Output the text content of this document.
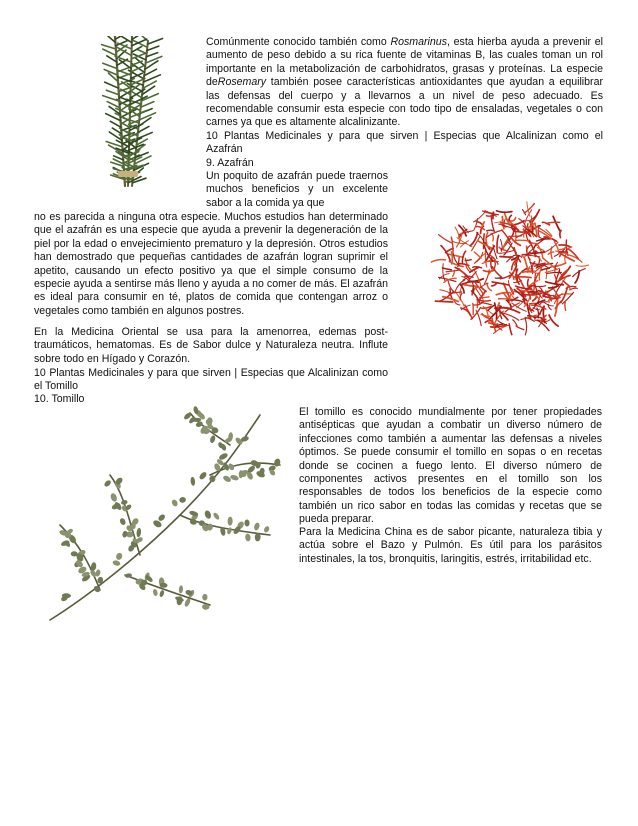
Comúnmente conocido también como Rosmarinus, esta hierba ayuda a prevenir el aumento de peso debido a su rica fuente de vitaminas B, las cuales toman un rol importante en la metabolización de carbohidratos, grasas y proteínas. La especie deRosemary también posee características antioxidantes que ayudan a equilibrar las defensas del cuerpo y a llevarnos a un nivel de peso adecuado. Es recomendable consumir esta especie con todo tipo de ensaladas, vegetales o con carnes ya que es altamente alcalinizante.
10 Plantas Medicinales y para que sirven | Especias que Alcalinizan como el Azafrán
9. Azafrán
Un poquito de azafrán puede traernos muchos beneficios y un excelente sabor a la comida ya que
no es parecida a ninguna otra especie. Muchos estudios han determinado que el azafrán es una especie que ayuda a prevenir la degeneración de la piel por la edad o envejecimiento prematuro y la depresión. Otros estudios han demostrado que pequeñas cantidades de azafrán logran suprimir el apetito, causando un efecto positivo ya que el simple consumo de la especie ayuda a sentirse más lleno y ayuda a no comer de más. El azafrán es ideal para consumir en té, platos de comida que contengan arroz o vegetales como también en algunos postres.
En la Medicina Oriental se usa para la amenorrea, edemas post-traumáticos, hematomas. Es de Sabor dulce y Naturaleza neutra. Influte sobre todo en Hígado y Corazón.
10 Plantas Medicinales y para que sirven | Especias que Alcalinizan como el Tomillo
10. Tomillo
El tomillo es conocido mundialmente por tener propiedades antisépticas que ayudan a combatir un diverso número de infecciones como también a aumentar las defensas a niveles óptimos. Se puede consumir el tomillo en sopas o en recetas donde se cocinen a fuego lento. El diverso número de componentes activos presentes en el tomillo son los responsables de todos los beneficios de la especie como también un rico sabor en todas las comidas y recetas que se pueda preparar.
Para la Medicina China es de sabor picante, naturaleza tibia y actúa sobre el Bazo y Pulmón. Es útil para los parásitos intestinales, la tos, bronquitis, laringitis, estrés, irritabilidad etc.
